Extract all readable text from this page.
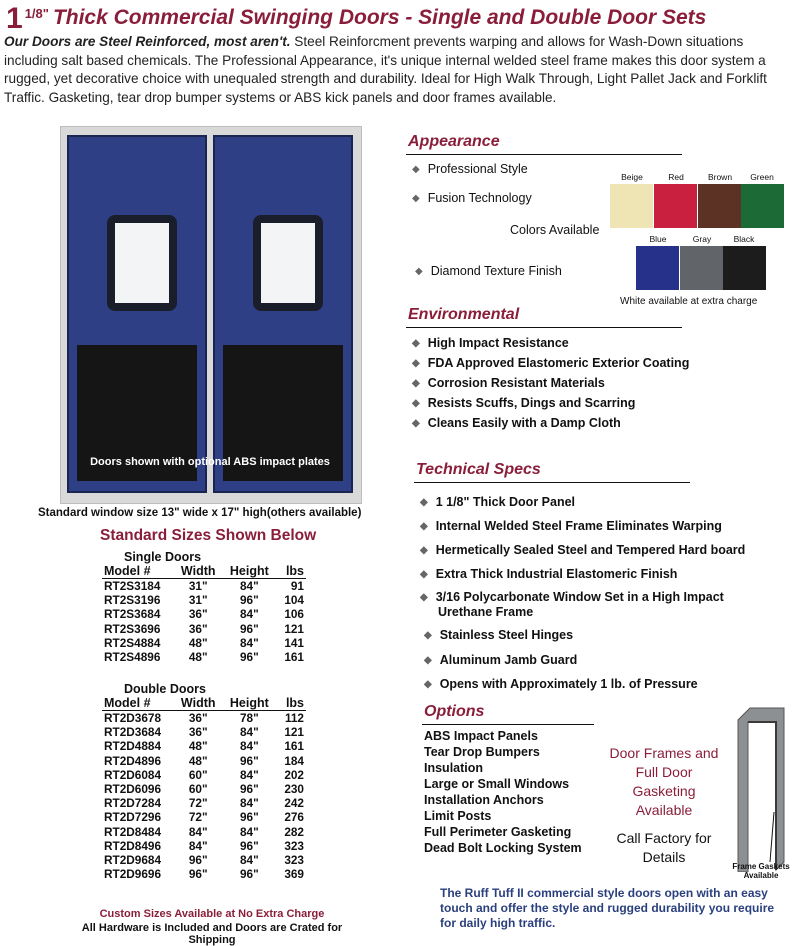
1 $^{1/8"}$ Thick Commercial Swinging Doors - Single and Double Door Sets
Our Doors are Steel Reinforced, most aren't. Steel Reinforcment prevents warping and allows for Wash-Down situations including salt based chemicals. The Professional Appearance, it's unique internal welded steel frame makes this door system a rugged, yet decorative choice with unequaled strength and durability. Ideal for High Walk Through, Light Pallet Jack and Forklift Traffic. Gasketing, tear drop bumper systems or ABS kick panels and door frames available.
Doors shown with optional ABS impact plates
Standard window size 13" wide x 17" high(others available)
Standard Sizes Shown Below
Single Doors
Model #	Width	Height	lbs
RT2S3184	31"	84"	91
RT2S3196	31"	96"	104
RT2S3684	36"	84"	106
RT2S3696	36"	96"	121
RT2S4884	48"	84"	141
RT2S4896	48"	96"	161
Double Doors
Model #	Width	Height	lbs
RT2D3678	36"	78"	112
RT2D3684	36"	84"	121
RT2D4884	48"	84"	161
RT2D4896	48"	96"	184
RT2D6084	60"	84"	202
RT2D6096	60"	96"	230
RT2D7284	72"	84"	242
RT2D7296	72"	96"	276
RT2D8484	84"	84"	282
RT2D8496	84"	96"	323
RT2D9684	96"	84"	323
RT2D9696	96"	96"	369
Custom Sizes Available at No Extra Charge
All Hardware is Included and Doors are Crated for Shipping
Appearance
◆ Professional Style
◆ Fusion Technology
Colors Available
◆ Diamond Texture Finish
Beige	Red	Brown	Green
Blue	Gray	Black
White available at extra charge
Environmental
◆ High Impact Resistance
◆ FDA Approved Elastomeric Exterior Coating
◆ Corrosion Resistant Materials
◆ Resists Scuffs, Dings and Scarring
◆ Cleans Easily with a Damp Cloth
Technical Specs
◆ 1 1/8" Thick Door Panel
◆ Internal Welded Steel Frame Eliminates Warping
◆ Hermetically Sealed Steel and Tempered Hard board
◆ Extra Thick Industrial Elastomeric Finish
◆ 3/16 Polycarbonate Window Set in a High Impact
Urethane Frame
◆ Stainless Steel Hinges
◆ Aluminum Jamb Guard
◆ Opens with Approximately 1 lb. of Pressure
Options
ABS Impact Panels
Tear Drop Bumpers
Insulation
Large or Small Windows
Installation Anchors
Limit Posts
Full Perimeter Gasketing
Dead Bolt Locking System
Door Frames and Full Door Gasketing Available
Call Factory for Details
Frame Gaskets Available
The Ruff Tuff II commercial style doors open with an easy touch and offer the style and rugged durability you require for daily high traffic.
